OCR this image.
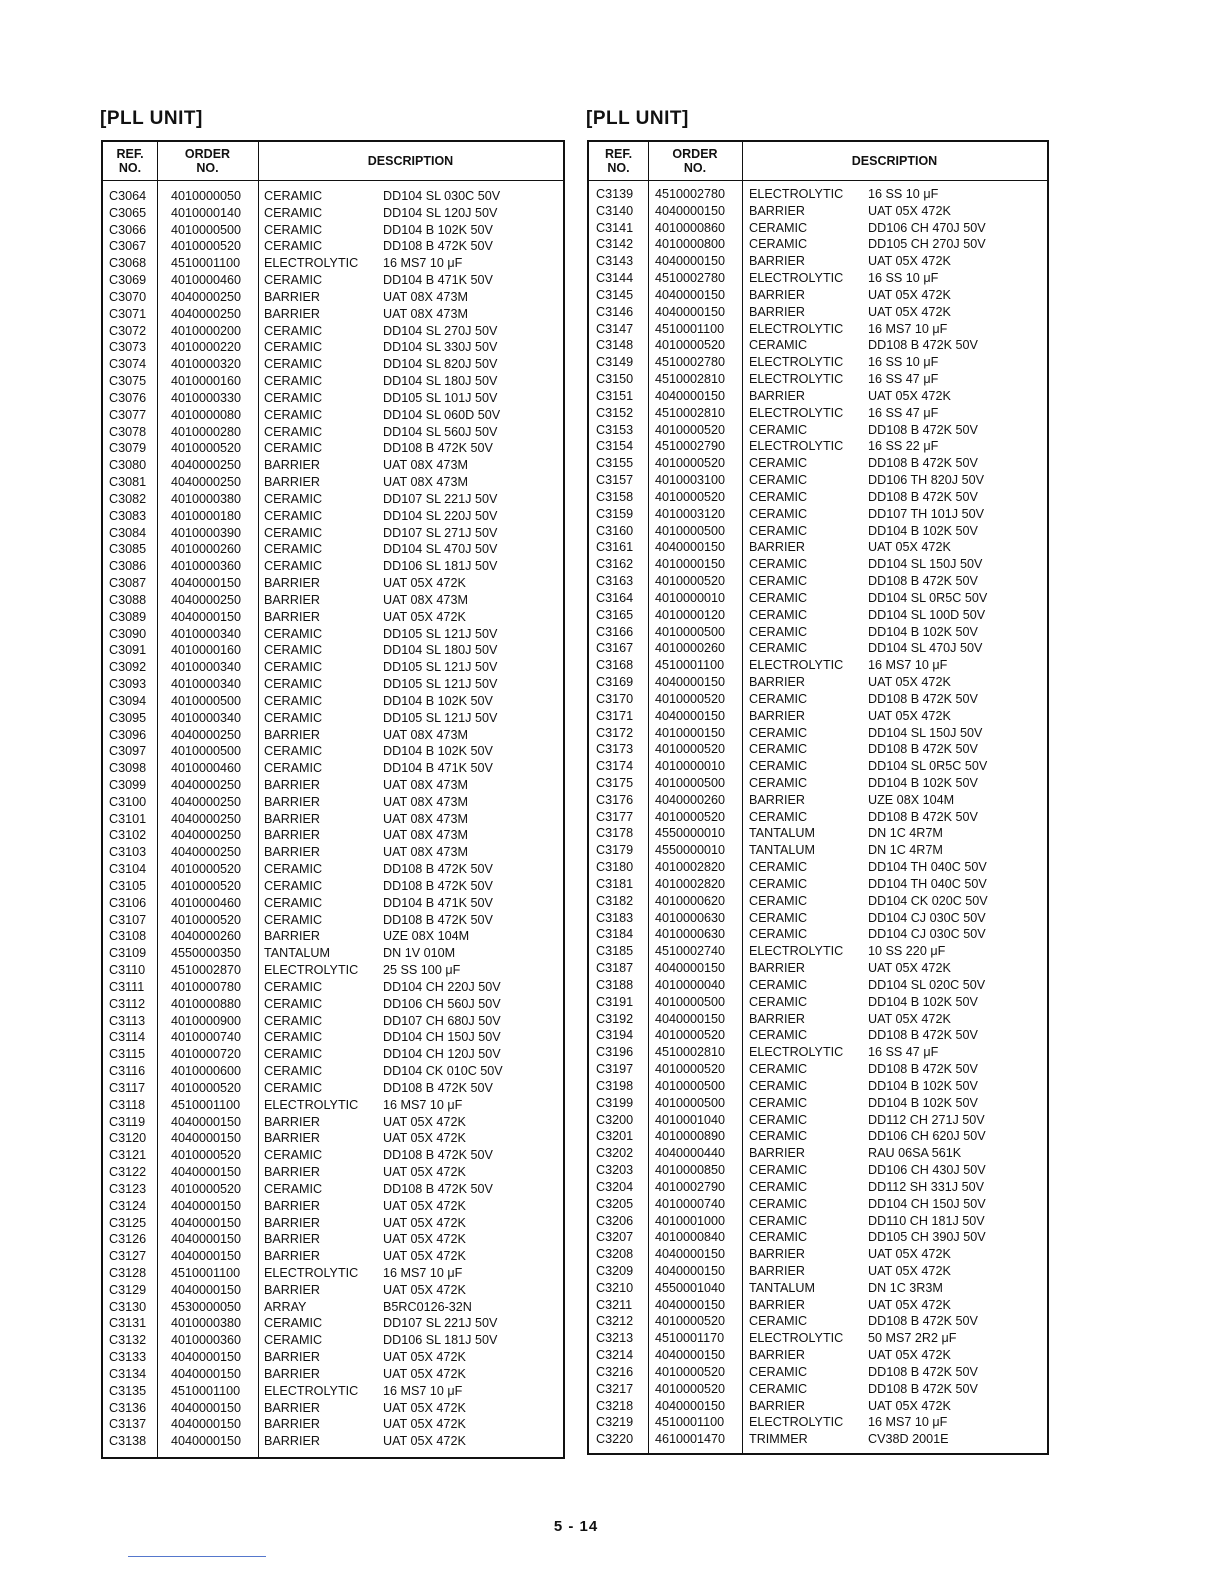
[PLL UNIT]	[PLL UNIT]
REF.
NO.
ORDER
NO.	DESCRIPTION
C3064 4010000050 CERAMIC	DD104 SL 030C 50V
C3065 4010000140 CERAMIC	DD104 SL 120J 50V
C3066 4010000500 CERAMIC	DD104 B 102K 50V
C3067 4010000520 CERAMIC	DD108 B 472K 50V
C3068 4510001100 ELECTROLYTIC 16 MS7 10 μF
C3069 4010000460 CERAMIC	DD104 B 471K 50V
C3070 4040000250 BARRIER	UAT 08X 473M
C3071 4040000250 BARRIER	UAT 08X 473M
C3072 4010000200 CERAMIC	DD104 SL 270J 50V
C3073 4010000220 CERAMIC	DD104 SL 330J 50V
C3074 4010000320 CERAMIC	DD104 SL 820J 50V
C3075 4010000160 CERAMIC	DD104 SL 180J 50V
C3076 4010000330 CERAMIC	DD105 SL 101J 50V
C3077 4010000080 CERAMIC	DD104 SL 060D 50V
C3078 4010000280 CERAMIC	DD104 SL 560J 50V
C3079 4010000520 CERAMIC	DD108 B 472K 50V
C3080 4040000250 BARRIER	UAT 08X 473M
C3081 4040000250 BARRIER	UAT 08X 473M
C3082 4010000380 CERAMIC	DD107 SL 221J 50V
C3083 4010000180 CERAMIC	DD104 SL 220J 50V
C3084 4010000390 CERAMIC	DD107 SL 271J 50V
C3085 4010000260 CERAMIC	DD104 SL 470J 50V
C3086 4010000360 CERAMIC	DD106 SL 181J 50V
C3087 4040000150 BARRIER	UAT 05X 472K
C3088 4040000250 BARRIER	UAT 08X 473M
C3089 4040000150 BARRIER	UAT 05X 472K
C3090 4010000340 CERAMIC	DD105 SL 121J 50V
C3091 4010000160 CERAMIC	DD104 SL 180J 50V
C3092 4010000340 CERAMIC	DD105 SL 121J 50V
C3093 4010000340 CERAMIC	DD105 SL 121J 50V
C3094 4010000500 CERAMIC	DD104 B 102K 50V
C3095 4010000340 CERAMIC	DD105 SL 121J 50V
C3096 4040000250 BARRIER	UAT 08X 473M
C3097 4010000500 CERAMIC	DD104 B 102K 50V
C3098 4010000460 CERAMIC	DD104 B 471K 50V
C3099 4040000250 BARRIER	UAT 08X 473M
C3100 4040000250 BARRIER	UAT 08X 473M
C3101 4040000250 BARRIER	UAT 08X 473M
C3102 4040000250 BARRIER	UAT 08X 473M
C3103 4040000250 BARRIER	UAT 08X 473M
C3104 4010000520 CERAMIC	DD108 B 472K 50V
C3105 4010000520 CERAMIC	DD108 B 472K 50V
C3106 4010000460 CERAMIC	DD104 B 471K 50V
C3107 4010000520 CERAMIC	DD108 B 472K 50V
C3108 4040000260 BARRIER	UZE 08X 104M
C3109 4550000350 TANTALUM	DN 1V 010M
C3110 4510002870 ELECTROLYTIC 25 SS 100 μF
C3111 4010000780 CERAMIC	DD104 CH 220J 50V
C3112 4010000880 CERAMIC	DD106 CH 560J 50V
C3113 4010000900 CERAMIC	DD107 CH 680J 50V
C3114 4010000740 CERAMIC	DD104 CH 150J 50V
C3115 4010000720 CERAMIC	DD104 CH 120J 50V
C3116 4010000600 CERAMIC	DD104 CK 010C 50V
C3117 4010000520 CERAMIC	DD108 B 472K 50V
C3118 4510001100 ELECTROLYTIC 16 MS7 10 μF
C3119 4040000150 BARRIER	UAT 05X 472K
C3120 4040000150 BARRIER	UAT 05X 472K
C3121 4010000520 CERAMIC	DD108 B 472K 50V
C3122 4040000150 BARRIER	UAT 05X 472K
C3123 4010000520 CERAMIC	DD108 B 472K 50V
C3124 4040000150 BARRIER	UAT 05X 472K
C3125 4040000150 BARRIER	UAT 05X 472K
C3126 4040000150 BARRIER	UAT 05X 472K
C3127 4040000150 BARRIER	UAT 05X 472K
C3128 4510001100 ELECTROLYTIC 16 MS7 10 μF
C3129 4040000150 BARRIER	UAT 05X 472K
C3130 4530000050 ARRAY	B5RC0126-32N
C3131 4010000380 CERAMIC	DD107 SL 221J 50V
C3132 4010000360 CERAMIC	DD106 SL 181J 50V
C3133 4040000150 BARRIER	UAT 05X 472K
C3134 4040000150 BARRIER	UAT 05X 472K
C3135 4510001100 ELECTROLYTIC 16 MS7 10 μF
C3136 4040000150 BARRIER	UAT 05X 472K
C3137 4040000150 BARRIER	UAT 05X 472K
C3138 4040000150 BARRIER	UAT 05X 472K
REF.
NO.
ORDER
NO.	DESCRIPTION
C3139 4510002780 ELECTROLYTIC 16 SS 10 μF
C3140 4040000150 BARRIER	UAT 05X 472K
C3141 4010000860 CERAMIC	DD106 CH 470J 50V
C3142 4010000800 CERAMIC	DD105 CH 270J 50V
C3143 4040000150 BARRIER	UAT 05X 472K
C3144 4510002780 ELECTROLYTIC 16 SS 10 μF
C3145 4040000150 BARRIER	UAT 05X 472K
C3146 4040000150 BARRIER	UAT 05X 472K
C3147 4510001100 ELECTROLYTIC 16 MS7 10 μF
C3148 4010000520 CERAMIC	DD108 B 472K 50V
C3149 4510002780 ELECTROLYTIC 16 SS 10 μF
C3150 4510002810 ELECTROLYTIC 16 SS 47 μF
C3151 4040000150 BARRIER	UAT 05X 472K
C3152 4510002810 ELECTROLYTIC 16 SS 47 μF
C3153 4010000520 CERAMIC	DD108 B 472K 50V
C3154 4510002790 ELECTROLYTIC 16 SS 22 μF
C3155 4010000520 CERAMIC	DD108 B 472K 50V
C3157 4010003100 CERAMIC	DD106 TH 820J 50V
C3158 4010000520 CERAMIC	DD108 B 472K 50V
C3159 4010003120 CERAMIC	DD107 TH 101J 50V
C3160 4010000500 CERAMIC	DD104 B 102K 50V
C3161 4040000150 BARRIER	UAT 05X 472K
C3162 4010000150 CERAMIC	DD104 SL 150J 50V
C3163 4010000520 CERAMIC	DD108 B 472K 50V
C3164 4010000010 CERAMIC	DD104 SL 0R5C 50V
C3165 4010000120 CERAMIC	DD104 SL 100D 50V
C3166 4010000500 CERAMIC	DD104 B 102K 50V
C3167 4010000260 CERAMIC	DD104 SL 470J 50V
C3168 4510001100 ELECTROLYTIC 16 MS7 10 μF
C3169 4040000150 BARRIER	UAT 05X 472K
C3170 4010000520 CERAMIC	DD108 B 472K 50V
C3171 4040000150 BARRIER	UAT 05X 472K
C3172 4010000150 CERAMIC	DD104 SL 150J 50V
C3173 4010000520 CERAMIC	DD108 B 472K 50V
C3174 4010000010 CERAMIC	DD104 SL 0R5C 50V
C3175 4010000500 CERAMIC	DD104 B 102K 50V
C3176 4040000260 BARRIER	UZE 08X 104M
C3177 4010000520 CERAMIC	DD108 B 472K 50V
C3178 4550000010 TANTALUM	DN 1C 4R7M
C3179 4550000010 TANTALUM	DN 1C 4R7M
C3180 4010002820 CERAMIC	DD104 TH 040C 50V
C3181 4010002820 CERAMIC	DD104 TH 040C 50V
C3182 4010000620 CERAMIC	DD104 CK 020C 50V
C3183 4010000630 CERAMIC	DD104 CJ 030C 50V
C3184 4010000630 CERAMIC	DD104 CJ 030C 50V
C3185 4510002740 ELECTROLYTIC 10 SS 220 μF
C3187 4040000150 BARRIER	UAT 05X 472K
C3188 4010000040 CERAMIC	DD104 SL 020C 50V
C3191 4010000500 CERAMIC	DD104 B 102K 50V
C3192 4040000150 BARRIER	UAT 05X 472K
C3194 4010000520 CERAMIC	DD108 B 472K 50V
C3196 4510002810 ELECTROLYTIC 16 SS 47 μF
C3197 4010000520 CERAMIC	DD108 B 472K 50V
C3198 4010000500 CERAMIC	DD104 B 102K 50V
C3199 4010000500 CERAMIC	DD104 B 102K 50V
C3200 4010001040 CERAMIC	DD112 CH 271J 50V
C3201 4010000890 CERAMIC	DD106 CH 620J 50V
C3202 4040000440 BARRIER	RAU 06SA 561K
C3203 4010000850 CERAMIC	DD106 CH 430J 50V
C3204 4010002790 CERAMIC	DD112 SH 331J 50V
C3205 4010000740 CERAMIC	DD104 CH 150J 50V
C3206 4010001000 CERAMIC	DD110 CH 181J 50V
C3207 4010000840 CERAMIC	DD105 CH 390J 50V
C3208 4040000150 BARRIER	UAT 05X 472K
C3209 4040000150 BARRIER	UAT 05X 472K
C3210 4550001040 TANTALUM	DN 1C 3R3M
C3211 4040000150 BARRIER	UAT 05X 472K
C3212 4010000520 CERAMIC	DD108 B 472K 50V
C3213 4510001170 ELECTROLYTIC 50 MS7 2R2 μF
C3214 4040000150 BARRIER	UAT 05X 472K
C3216 4010000520 CERAMIC	DD108 B 472K 50V
C3217 4010000520 CERAMIC	DD108 B 472K 50V
C3218 4040000150 BARRIER	UAT 05X 472K
C3219 4510001100 ELECTROLYTIC 16 MS7 10 μF
C3220 4610001470 TRIMMER	CV38D 2001E
5 - 14
